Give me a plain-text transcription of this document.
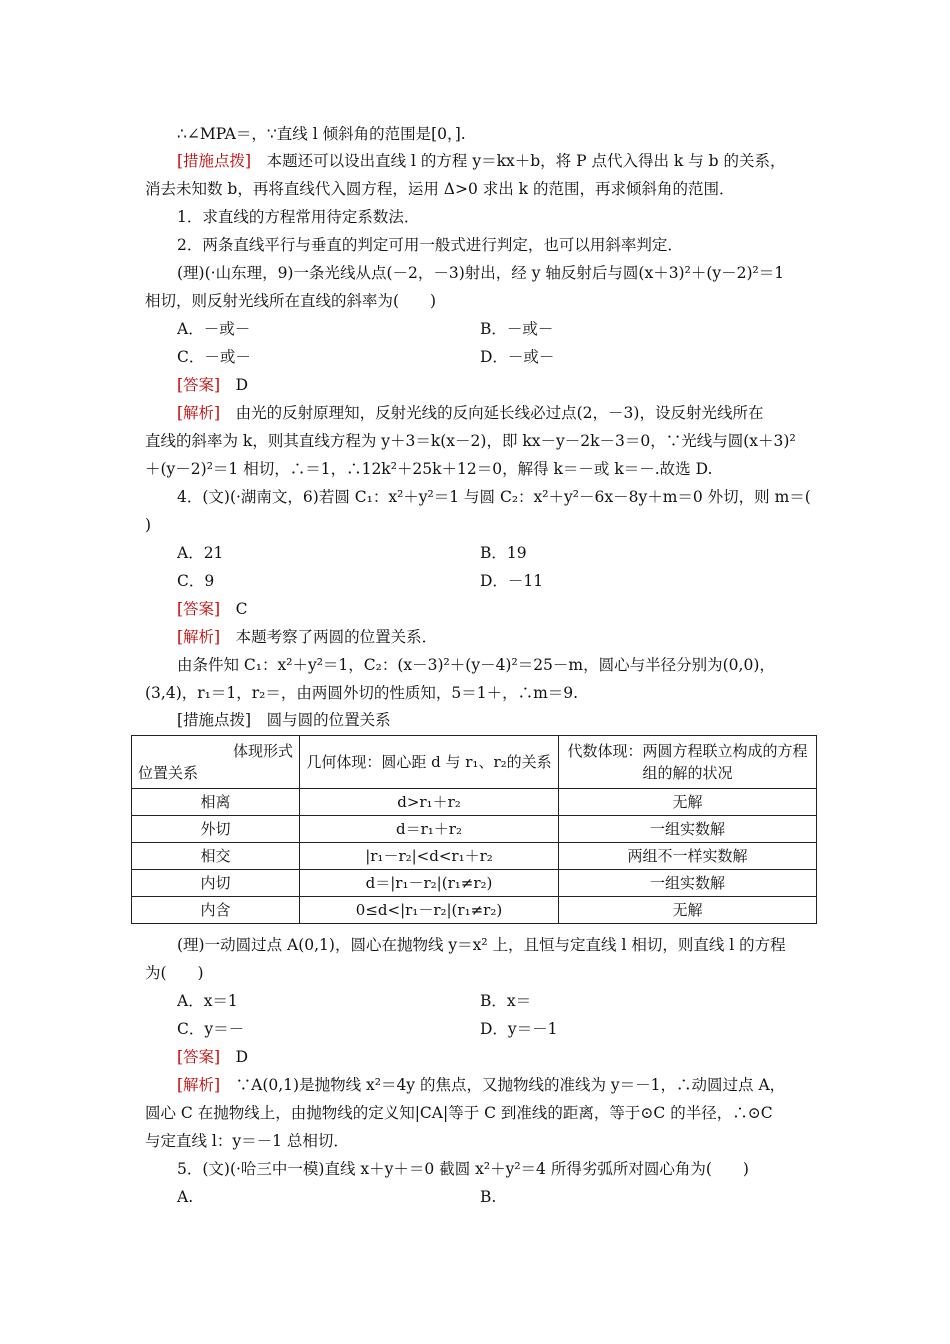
∴∠MPA＝，∵直线 l 倾斜角的范围是[0，].
[措施点拨]　 本题还可以设出直线 l 的方程 y＝kx＋b，将 P 点代入得出 k 与 b 的关系，
消去未知数 b，再将直线代入圆方程，运用 Δ>0 求出 k 的范围，再求倾斜角的范围．
1．求直线的方程常用待定系数法．
2．两条直线平行与垂直的判定可用一般式进行判定，也可以用斜率判定．
(理)(·山东理，9)一条光线从点(－2，－3)射出，经 y 轴反射后与圆(x＋3)²＋(y－2)²＝1
相切，则反射光线所在直线的斜率为(　　)
A．－或－	B．－或－
C．－或－	D．－或－
[答案]　 D
[解析]　 由光的反射原理知，反射光线的反向延长线必过点(2，－3)，设反射光线所在
直线的斜率为 k，则其直线方程为 y＋3＝k(x－2)，即 kx－y－2k－3＝0，∵光线与圆(x＋3)²
＋(y－2)²＝1 相切，∴＝1，∴12k²＋25k＋12＝0，解得 k＝－或 k＝－.故选 D.
4．(文)(·湖南文，6)若圆 C₁：x²＋y²＝1 与圆 C₂：x²＋y²－6x－8y＋m＝0 外切，则 m＝(
)
A．21	B．19
C．9	D．－11
[答案]　 C
[解析]　 本题考察了两圆的位置关系．
由条件知 C₁：x²＋y²＝1，C₂：(x－3)²＋(y－4)²＝25－m，圆心与半径分别为(0,0)，
(3,4)，r₁＝1，r₂＝，由两圆外切的性质知，5＝1＋，∴m＝9.
[措施点拨]　 圆与圆的位置关系
体现形式
位置关系	几何体现：圆心距 d 与 r₁、r₂的关系	代数体现：两圆方程联立构成的方程组的解的状况
相离	d>r₁＋r₂	无解
外切	d＝r₁＋r₂	一组实数解
相交	|r₁－r₂|<d<r₁＋r₂	两组不一样实数解
内切	d＝|r₁－r₂|(r₁≠r₂)	一组实数解
内含	0≤d<|r₁－r₂|(r₁≠r₂)	无解
(理)一动圆过点 A(0,1)，圆心在抛物线 y＝x² 上，且恒与定直线 l 相切，则直线 l 的方程
为(　　)
A．x＝1	B．x＝
C．y＝－	D．y＝－1
[答案]　 D
[解析]　 ∵A(0,1)是抛物线 x²＝4y 的焦点，又抛物线的准线为 y＝－1，∴动圆过点 A，
圆心 C 在抛物线上，由抛物线的定义知|CA|等于 C 到准线的距离，等于⊙C 的半径，∴⊙C
与定直线 l：y＝－1 总相切．
5．(文)(·哈三中一模)直线 x＋y＋＝0 截圆 x²＋y²＝4 所得劣弧所对圆心角为(　　)
A.	B.
